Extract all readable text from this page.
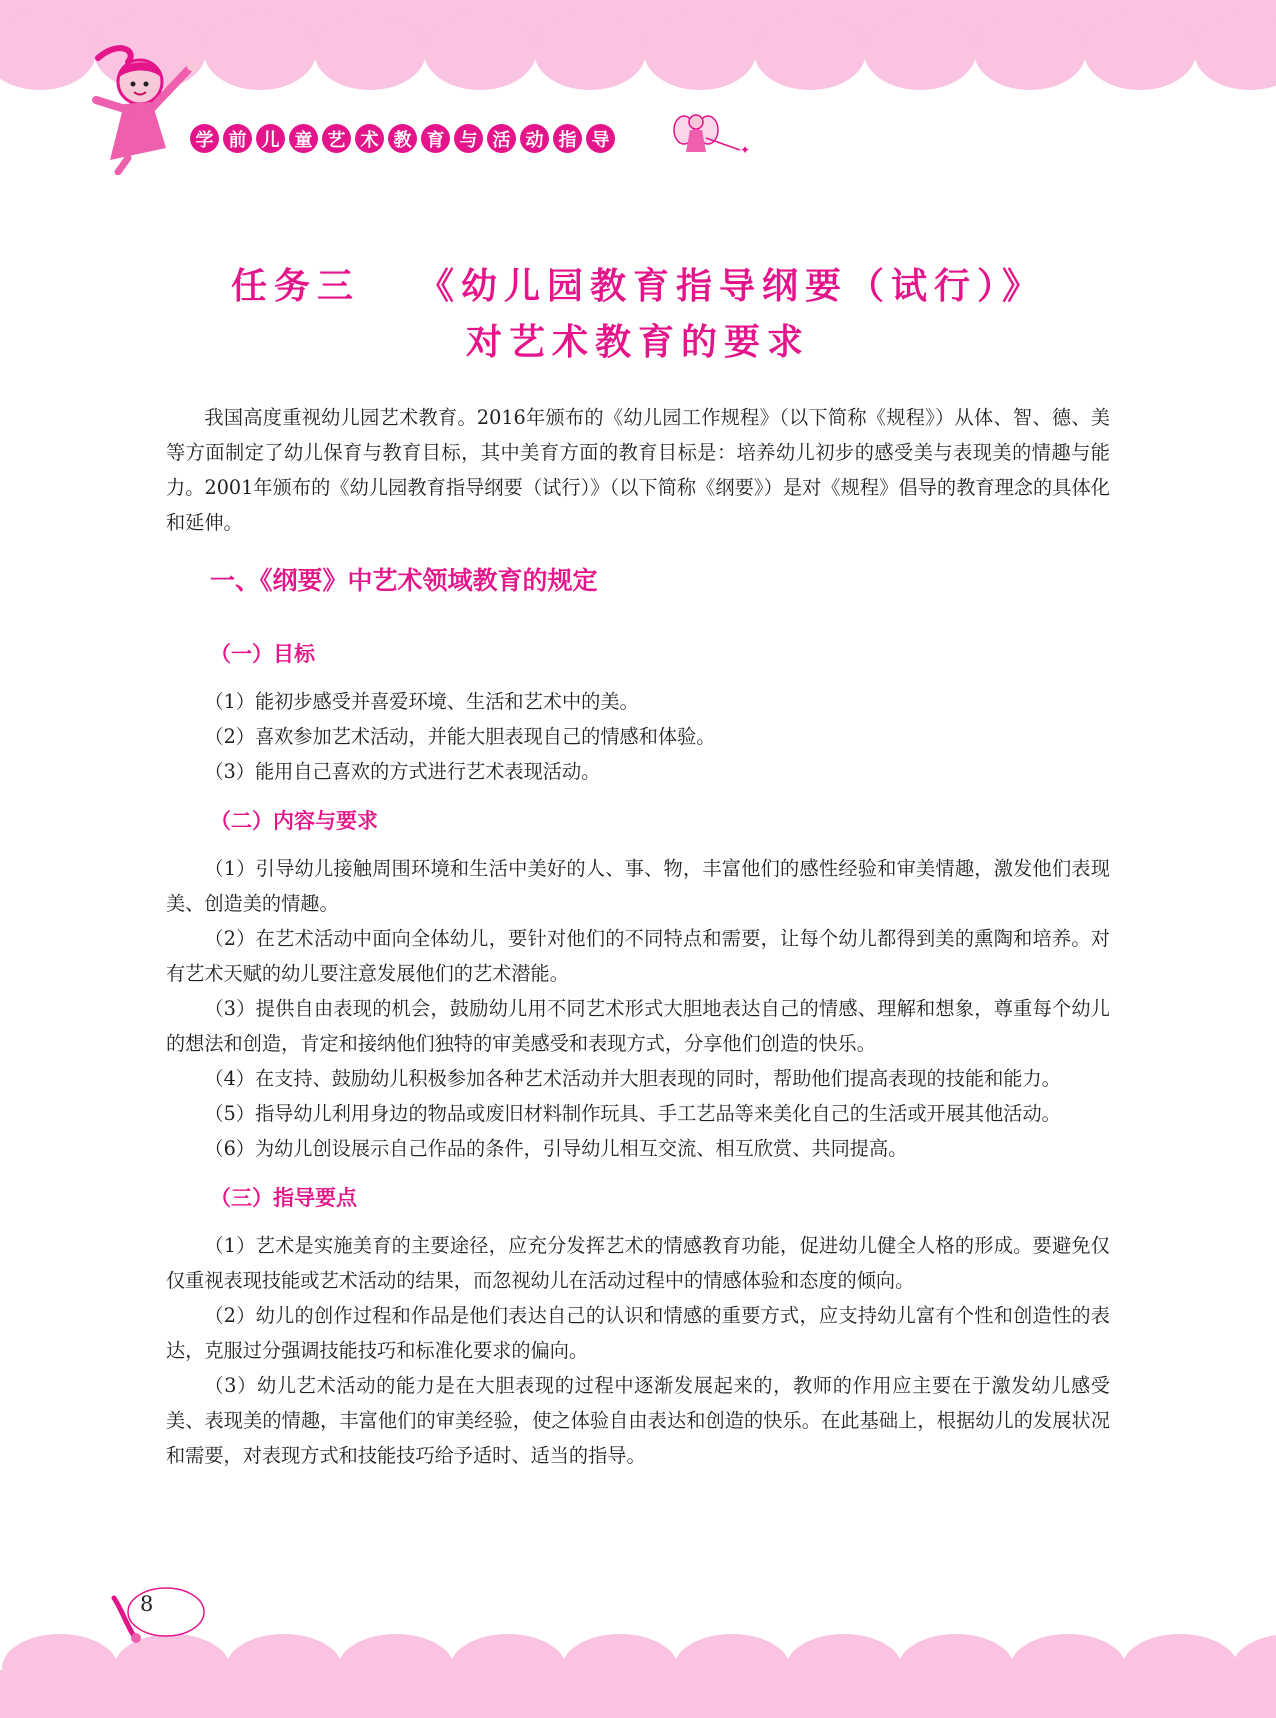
学 前 儿 童 艺 术 教 育 与 活 动 指 导	✦
任务三 《幼儿园教育指导纲要（试行）》
对艺术教育的要求

我国高度重视幼儿园艺术教育。2016年颁布的《幼儿园工作规程》（以下简称《规程》）从体、智、德、美等方面制定了幼儿保育与教育目标，其中美育方面的教育目标是：培养幼儿初步的感受美与表现美的情趣与能力。2001年颁布的《幼儿园教育指导纲要（试行）》（以下简称《纲要》）是对《规程》倡导的教育理念的具体化和延伸。

一、《纲要》中艺术领域教育的规定
（一）目标

（1）能初步感受并喜爱环境、生活和艺术中的美。

（2）喜欢参加艺术活动，并能大胆表现自己的情感和体验。

（3）能用自己喜欢的方式进行艺术表现活动。

（二）内容与要求

（1）引导幼儿接触周围环境和生活中美好的人、事、物，丰富他们的感性经验和审美情趣，激发他们表现美、创造美的情趣。

（2）在艺术活动中面向全体幼儿，要针对他们的不同特点和需要，让每个幼儿都得到美的熏陶和培养。对有艺术天赋的幼儿要注意发展他们的艺术潜能。

（3）提供自由表现的机会，鼓励幼儿用不同艺术形式大胆地表达自己的情感、理解和想象，尊重每个幼儿的想法和创造，肯定和接纳他们独特的审美感受和表现方式，分享他们创造的快乐。

（4）在支持、鼓励幼儿积极参加各种艺术活动并大胆表现的同时，帮助他们提高表现的技能和能力。

（5）指导幼儿利用身边的物品或废旧材料制作玩具、手工艺品等来美化自己的生活或开展其他活动。

（6）为幼儿创设展示自己作品的条件，引导幼儿相互交流、相互欣赏、共同提高。

（三）指导要点

（1）艺术是实施美育的主要途径，应充分发挥艺术的情感教育功能，促进幼儿健全人格的形成。要避免仅仅重视表现技能或艺术活动的结果，而忽视幼儿在活动过程中的情感体验和态度的倾向。

（2）幼儿的创作过程和作品是他们表达自己的认识和情感的重要方式，应支持幼儿富有个性和创造性的表达，克服过分强调技能技巧和标准化要求的偏向。

（3）幼儿艺术活动的能力是在大胆表现的过程中逐渐发展起来的，教师的作用应主要在于激发幼儿感受美、表现美的情趣，丰富他们的审美经验，使之体验自由表达和创造的快乐。在此基础上，根据幼儿的发展状况和需要，对表现方式和技能技巧给予适时、适当的指导。

8
